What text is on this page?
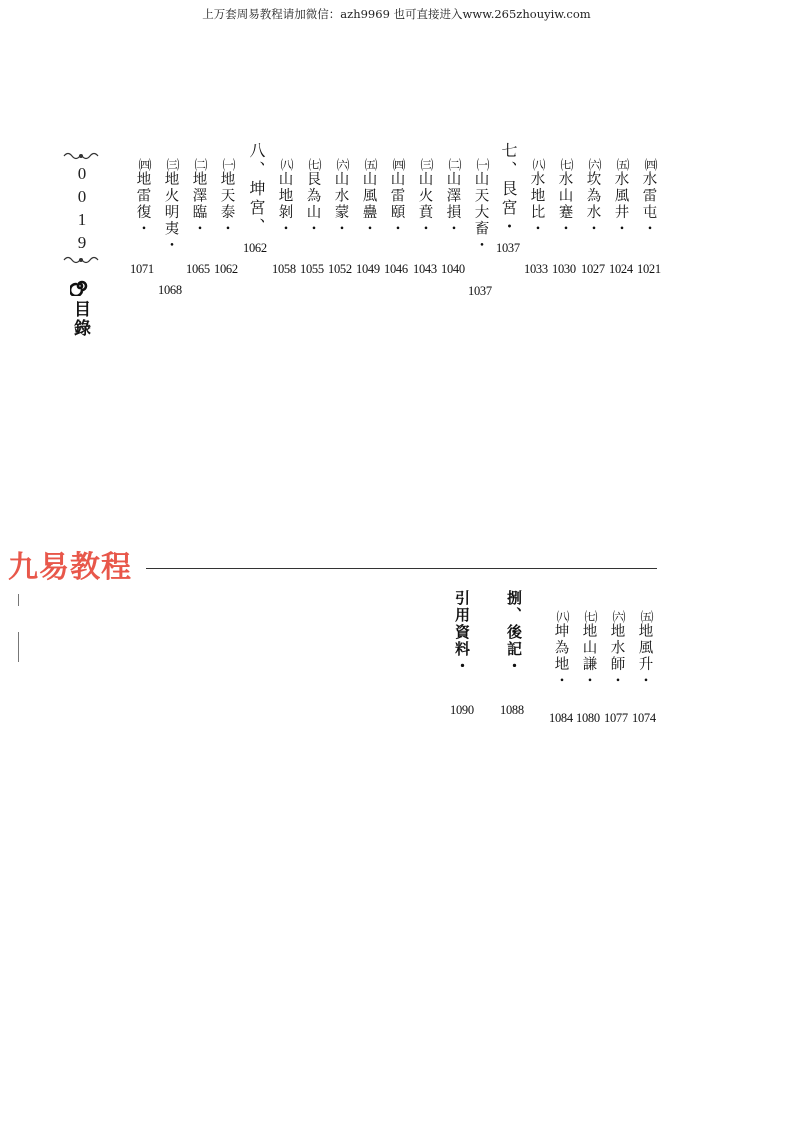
上万套周易教程请加微信：azh9969 也可直接进入www.265zhouyiw.com
0
0
1
9
目錄
㈣水雷屯・
1021
㈤水風井・
1024
㈥坎為水・
1027
㈦水山蹇・
1030
㈧水地比・
1033
七、艮宮・
1037
㈠山天大畜・
1037
㈡山澤損・
1040
㈢山火賁・
1043
㈣山雷頤・
1046
㈤山風蠱・
1049
㈥山水蒙・
1052
㈦艮為山・
1055
㈧山地剝・
1058
八、坤宮、
1062
㈠地天泰・
1062
㈡地澤臨・
1065
㈢地火明夷・
1068
㈣地雷復・
1071
九易教程
㈤地風升・
1074
㈥地水師・
1077
㈦地山謙・
1080
㈧坤為地・
1084
捌、後記・
1088
引用資料・
1090
